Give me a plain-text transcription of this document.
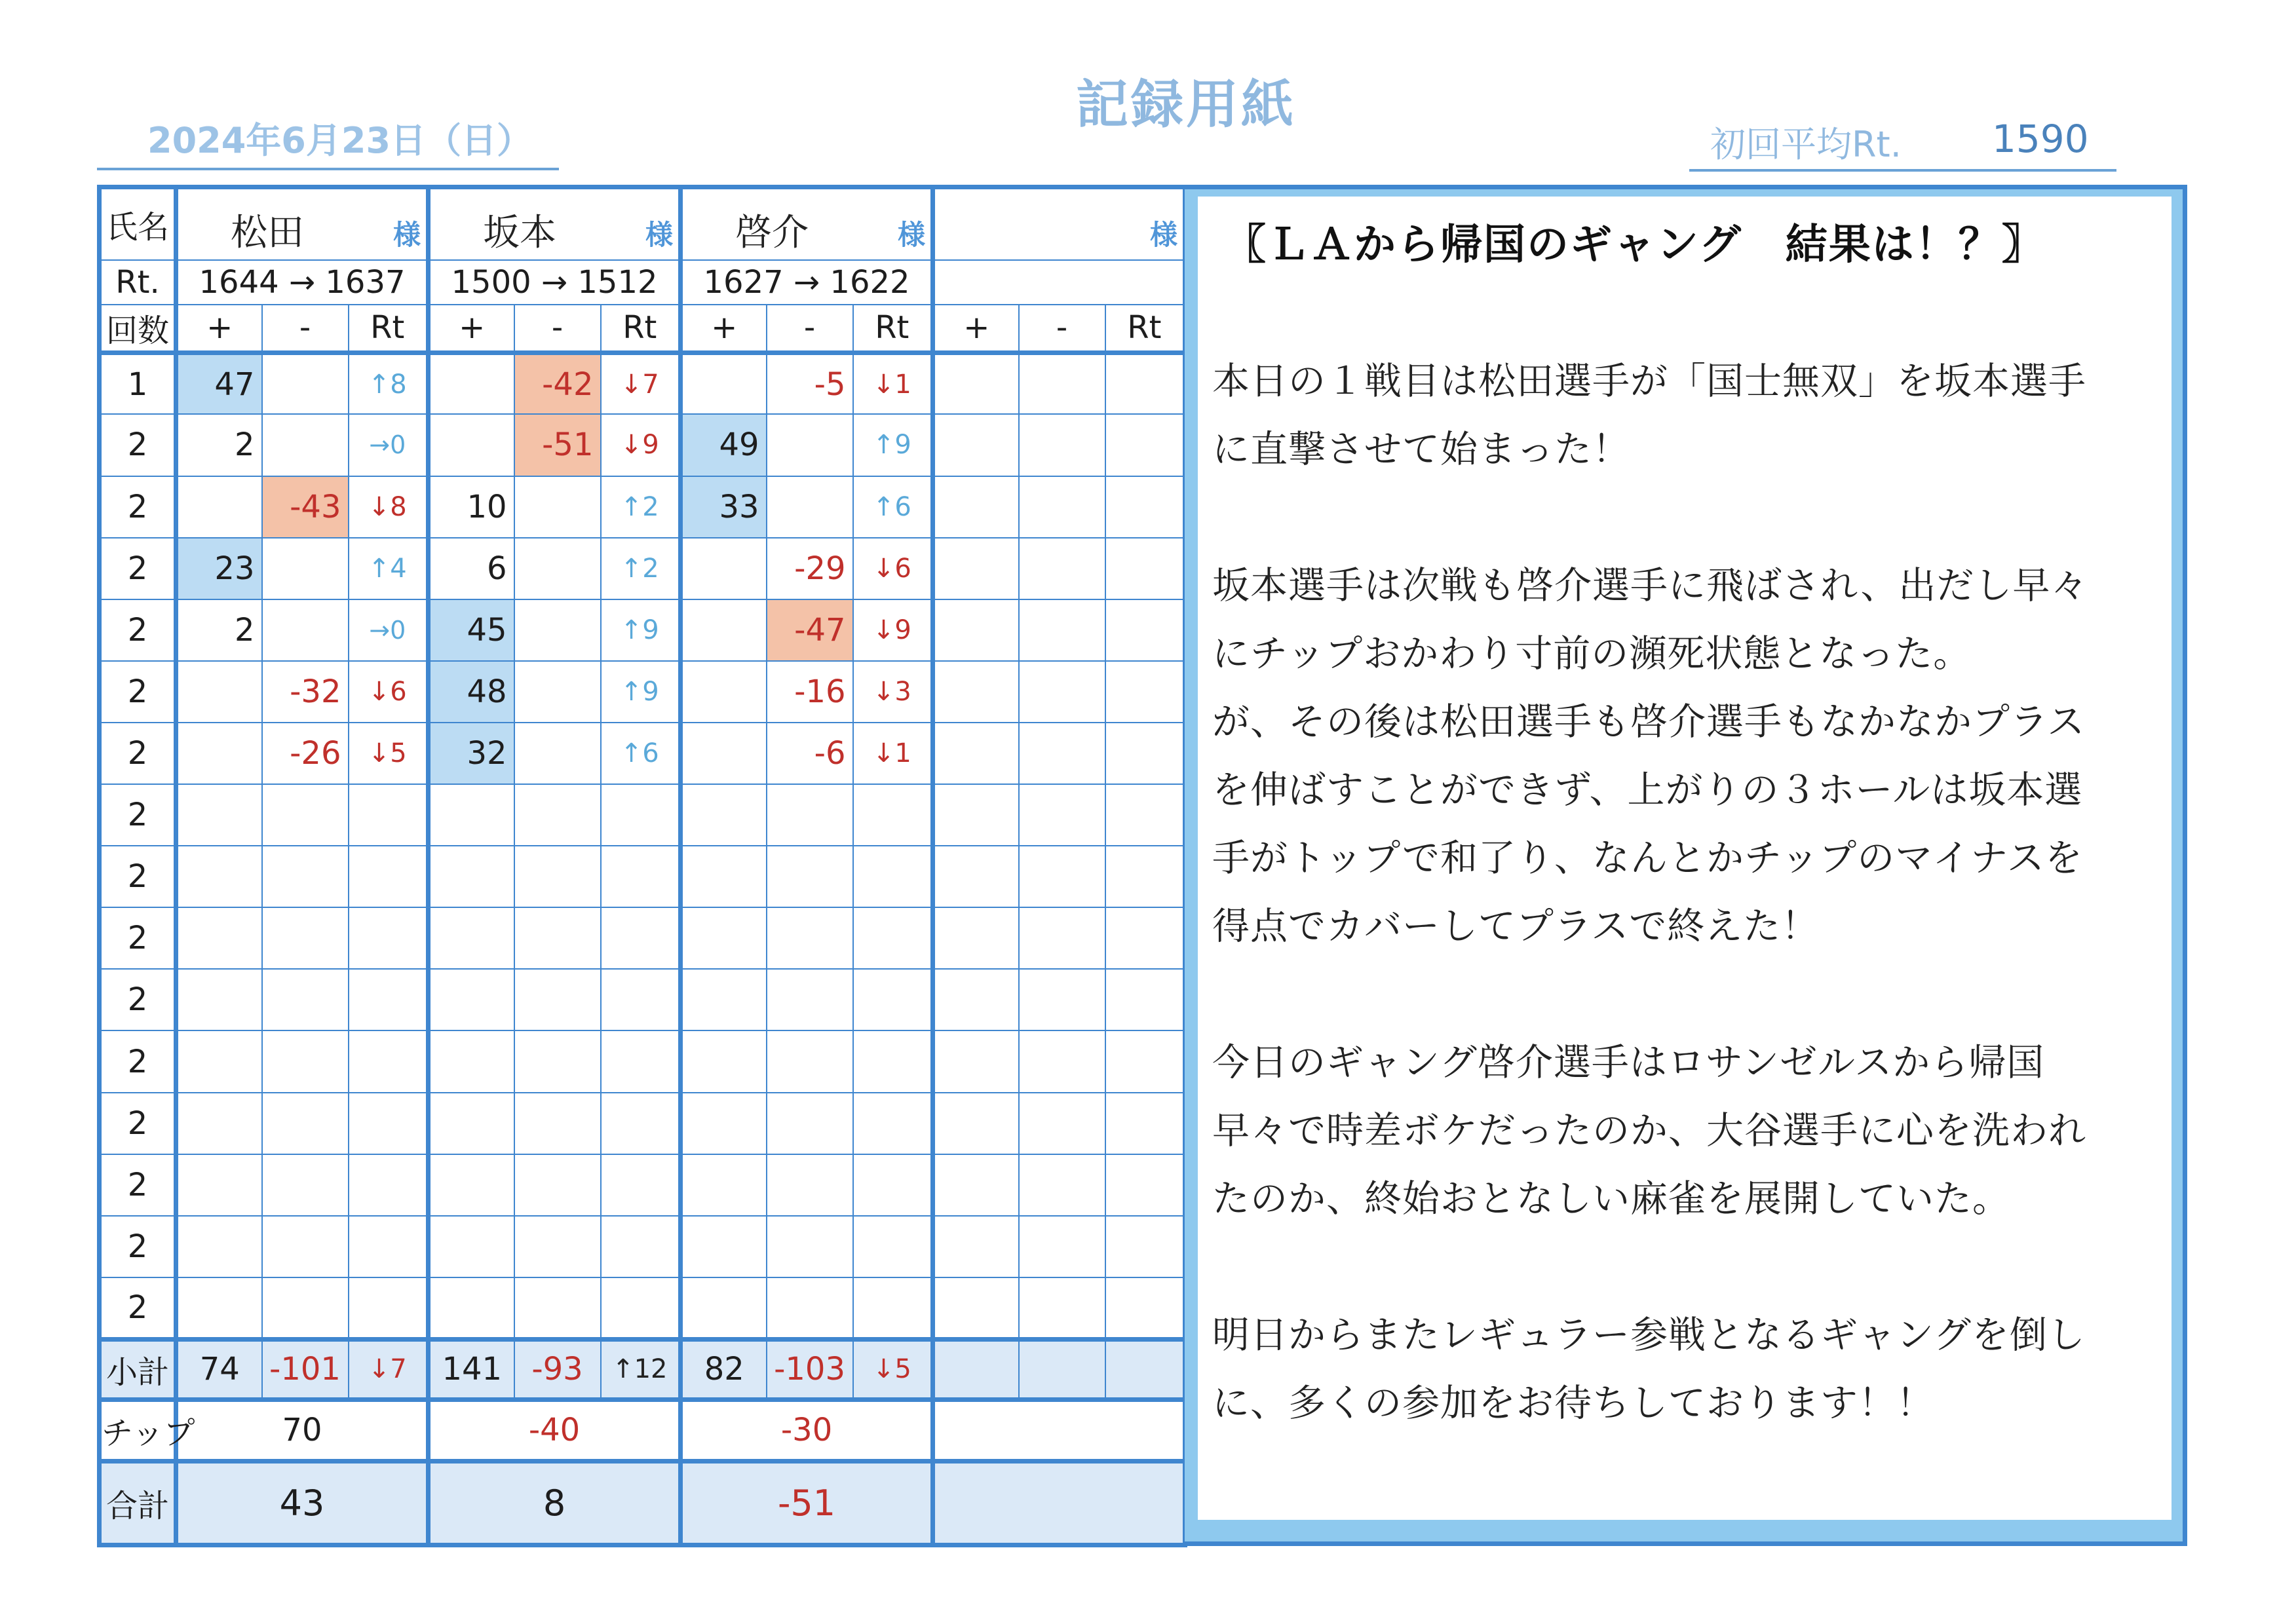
記録用紙
2024年6月23日（日）	初回平均Rt. 1590
氏名	松田 様			坂本 様			啓介 様			様		

Rt.	1644 → 1637			1500 → 1512			1627 → 1622					
回数	+	-	Rt	+	-	Rt	+	-	Rt	+	-	Rt
1	47		↑8		-42	↓7		-5	↓1			
2	2		→0		-51	↓9	49		↑9			
2		-43	↓8	10		↑2	33		↑6			
2	23		↑4	6		↑2		-29	↓6			
2	2		→0	45		↑9		-47	↓9			
2		-32	↓6	48		↑9		-16	↓3			
2		-26	↓5	32		↑6		-6	↓1			
2												
2												
2												
2												
2												
2												
2												
2												
2												
小計	74	-101	↓7	141	-93	↑12	82	-103	↓5			
チップ	70			-40			-30					
合計	43			8			-51					
〖ＬＡから帰国のギャング　結果は！？〗
本日の１戦目は松田選手が「国士無双」を坂本選手
に直撃させて始まった！

坂本選手は次戦も啓介選手に飛ばされ、出だし早々
にチップおかわり寸前の瀕死状態となった。
が、その後は松田選手も啓介選手もなかなかプラス
を伸ばすことができず、上がりの３ホールは坂本選
手がトップで和了り、なんとかチップのマイナスを
得点でカバーしてプラスで終えた！

今日のギャング啓介選手はロサンゼルスから帰国
早々で時差ボケだったのか、大谷選手に心を洗われ
たのか、終始おとなしい麻雀を展開していた。

明日からまたレギュラー参戦となるギャングを倒し
に、多くの参加をお待ちしております！！
